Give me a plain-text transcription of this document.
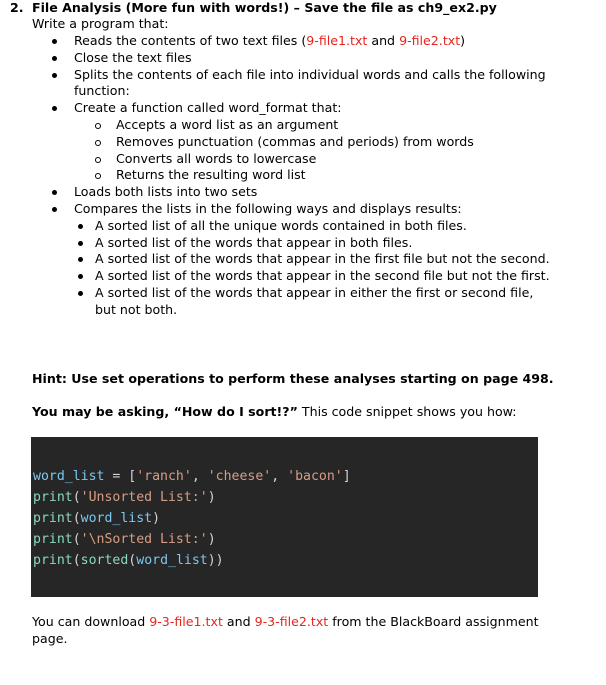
2. File Analysis (More fun with words!) – Save the file as ch9_ex2.py
Write a program that:
Reads the contents of two text files (9-file1.txt and 9-file2.txt)
Close the text files
Splits the contents of each file into individual words and calls the following function:
Create a function called word_format that:
Accepts a word list as an argument
Removes punctuation (commas and periods) from words
Converts all words to lowercase
Returns the resulting word list
Loads both lists into two sets
Compares the lists in the following ways and displays results:
A sorted list of all the unique words contained in both files.
A sorted list of the words that appear in both files.
A sorted list of the words that appear in the first file but not the second.
A sorted list of the words that appear in the second file but not the first.
A sorted list of the words that appear in either the first or second file, but not both.
Hint: Use set operations to perform these analyses starting on page 498.
You may be asking, “How do I sort!?” This code snippet shows you how:
word_list = ['ranch', 'cheese', 'bacon']
print('Unsorted List:')
print(word_list)
print('\nSorted List:')
print(sorted(word_list))
You can download 9-3-file1.txt and 9-3-file2.txt from the BlackBoard assignment page.
